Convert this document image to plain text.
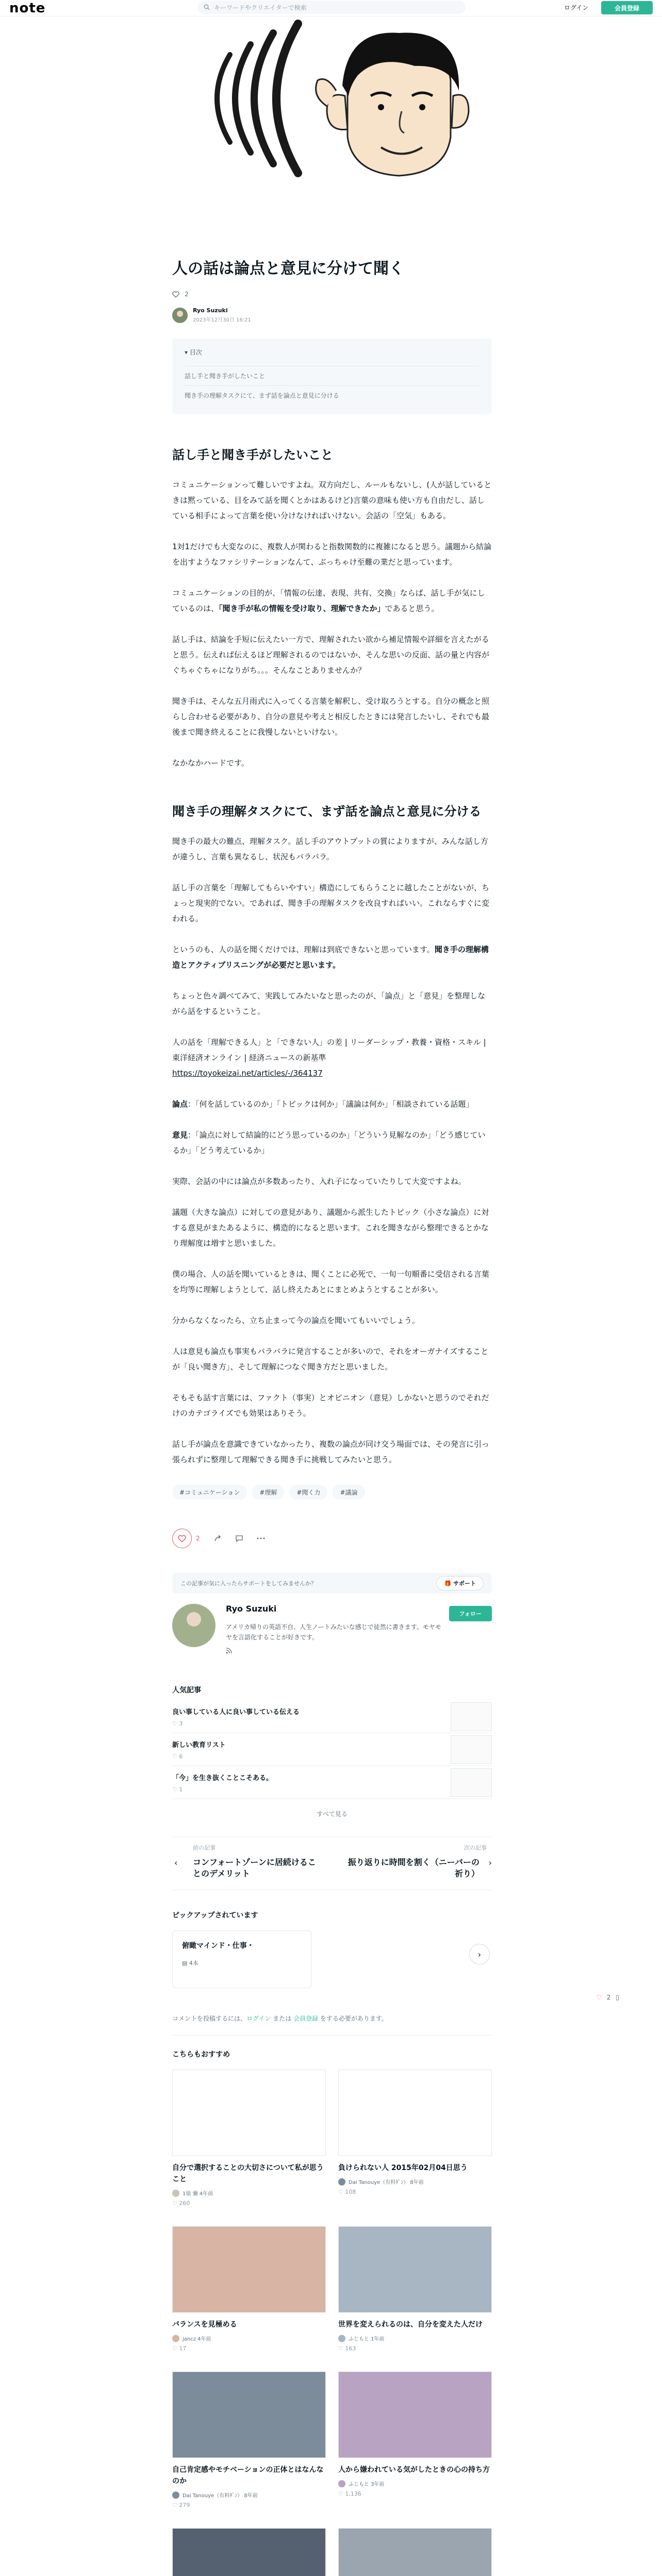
note	キーワードやクリエイターで検索	ログイン	会員登録
人の話は論点と意見に分けて聞く
2
Ryo Suzuki
2023年12月30日 16:21
▾ 目次
話し手と聞き手がしたいこと
聞き手の理解タスクにて、まず話を論点と意見に分ける
話し手と聞き手がしたいこと

コミュニケーションって難しいですよね。双方向だし、ルールもないし、(人が話しているときは黙っている、目をみて話を聞くとかはあるけど)言葉の意味も使い方も自由だし、話している相手によって言葉を使い分けなければいけない。会話の「空気」もある。

1対1だけでも大変なのに、複数人が関わると指数関数的に複雑になると思う。議題から結論を出すようなファシリテーションなんて、ぶっちゃけ至難の業だと思っています。

コミュニケーションの目的が、「情報の伝達、表現、共有、交換」ならば、話し手が気にしているのは、「聞き手が私の情報を受け取り、理解できたか」であると思う。

話し手は、結論を手短に伝えたい一方で、理解されたい欲から補足情報や詳細を言えたがると思う。伝えれば伝えるほど理解されるのではないか、そんな思いの反面、話の量と内容がぐちゃぐちゃになりがち。。。そんなことありませんか？

聞き手は、そんな五月雨式に入ってくる言葉を解釈し、受け取ろうとする。自分の概念と照らし合わせる必要があり、自分の意見や考えと相反したときには発言したいし、それでも最後まで聞き終えることに我慢しないといけない。

なかなかハードです。

聞き手の理解タスクにて、まず話を論点と意見に分ける

聞き手の最大の難点、理解タスク。話し手のアウトプットの質によりますが、みんな話し方が違うし、言葉も異なるし、状況もバラバラ。

話し手の言葉を「理解してもらいやすい」構造にしてもらうことに越したことがないが、ちょっと現実的でない。であれば、聞き手の理解タスクを改良すればいい。これならすぐに変われる。

というのも、人の話を聞くだけでは、理解は到底できないと思っています。聞き手の理解構造とアクティブリスニングが必要だと思います。

ちょっと色々調べてみて、実践してみたいなと思ったのが、「論点」と「意見」を整理しながら話をするということ。

人の話を「理解できる人」と「できない人」の差 | リーダーシップ・教養・資格・スキル | 東洋経済オンライン | 経済ニュースの新基準
https://toyokeizai.net/articles/-/364137

論点：「何を話しているのか」「トピックは何か」「議論は何か」「相談されている話題」

意見：「論点に対して結論的にどう思っているのか」「どういう見解なのか」「どう感じているか」「どう考えているか」

実際、会話の中には論点が多数あったり、入れ子になっていたりして大変ですよね。

議題（大きな論点）に対しての意見があり、議題から派生したトピック（小さな論点）に対する意見がまたあるように、構造的になると思います。これを聞きながら整理できるとかなり理解度は増すと思いました。

僕の場合、人の話を聞いているときは、聞くことに必死で、一旬一句順番に受信される言葉を均等に理解しようとして、話し終えたあとにまとめようとすることが多い。

分からなくなったら、立ち止まって今の論点を聞いてもいいでしょう。

人は意見も論点も事実もバラバラに発言することが多いので、それをオーガナイズすることが「良い聞き方」、そして理解につなぐ聞き方だと思いました。

そもそも話す言葉には、ファクト（事実）とオピニオン（意見）しかないと思うのでそれだけのカテゴライズでも効果はありそう。

話し手が論点を意識できていなかったり、複数の論点が同け交う場面では、その発言に引っ張られずに整理して理解できる聞き手に挑戦してみたいと思う。

#コミュニケーション	#理解	#聞く力	#議論
2
この記事が気に入ったらサポートをしてみませんか？	🎁 サポート
Ryo Suzuki
アメリカ帰りの英語不自、人生ノートみたいな感じで徒然に書きます。モヤモヤを言語化することが好きです。
フォロー
人気記事
良い事している人に良い事している伝える
♡ 3
新しい教育リスト
♡ 6
「今」を生き抜くことこそある。
♡ 1
すべて見る
前の記事
‹ コンフォートゾーンに居続けることのデメリット
次の記事
›
振り返りに時間を割く（ニーバーの祈り）
ピックアップされています
俯瞰マインド・仕事・
▤ 4本
›
コメントを投稿するには、ログイン または 会員登録 をする必要があります。
こちらもおすすめ
自分で選択することの大切さについて私が思うこと
1億 彌 4年前
♡ 260
負けられない人 2015年02月04日思う
Dai Tanouye（有料ﾀﾞﾝ） 8年前
♡ 108
バランスを見極める
jancz 4年前
♡ 17
世界を変えられるのは、自分を変えた人だけ
ふじもと 1年前
♡ 163
自己肯定感やモチベーションの正体とはなんなのか
Dai Tanouye（有料ﾀﾞﾝ） 8年前
♡ 279
人から嫌われている気がしたときの心の持ち方
ふじもと 3年前
♡ 1,136
♡ 2 ▯
